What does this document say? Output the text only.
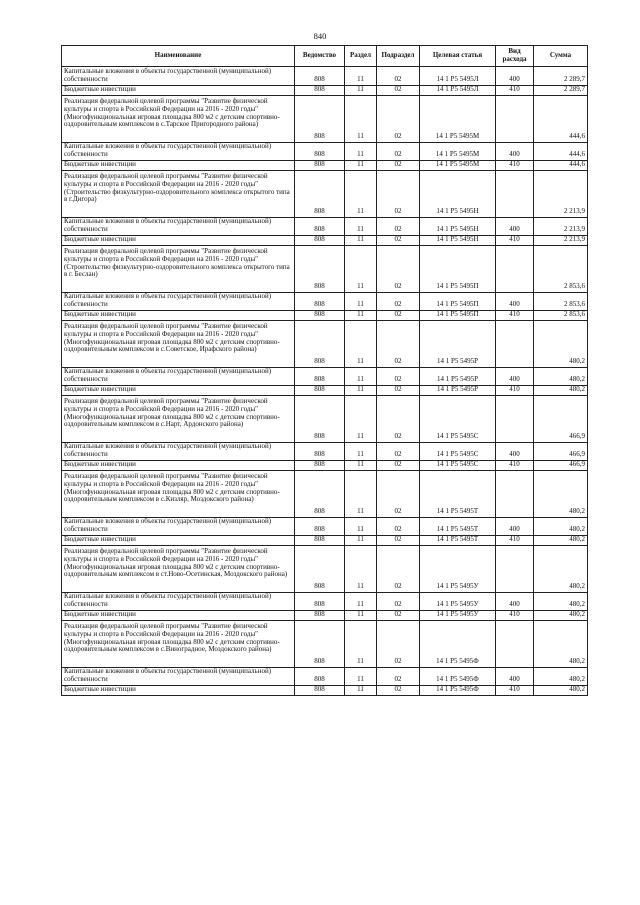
840
Наименование	Ведомство	Раздел	Подраздел	Целевая статья	Вид расхода	Сумма
Капитальные вложения в объекты государственной (муниципальной) собственности	808	11	02	14 1 Р5 5495Л	400	2 289,7
Бюджетные инвестиции	808	11	02	14 1 Р5 5495Л	410	2 289,7
Реализация федеральной целевой программы "Развитие физической культуры и спорта в Российской Федерации на 2016 - 2020 годы"(Многофункциональная игровая площадка 800 м2 с детским спортивно-оздоровительным комплексом в с.Тарское Пригородного района)	808	11	02	14 1 Р5 5495М		444,6
Капитальные вложения в объекты государственной (муниципальной) собственности	808	11	02	14 1 Р5 5495М	400	444,6
Бюджетные инвестиции	808	11	02	14 1 Р5 5495М	410	444,6
Реализация федеральной целевой программы "Развитие физической культуры и спорта в Российской Федерации на 2016 - 2020 годы"(Строительство физкультурно-оздоровительного комплекса открытого типа в г.Дигора)	808	11	02	14 1 Р5 5495Н		2 213,9
Капитальные вложения в объекты государственной (муниципальной) собственности	808	11	02	14 1 Р5 5495Н	400	2 213,9
Бюджетные инвестиции	808	11	02	14 1 Р5 5495Н	410	2 213,9
Реализация федеральной целевой программы "Развитие физической культуры и спорта в Российской Федерации на 2016 - 2020 годы"(Строительство физкультурно-оздоровительного комплекса открытого типа в г. Беслан)	808	11	02	14 1 Р5 5495П		2 853,6
Капитальные вложения в объекты государственной (муниципальной) собственности	808	11	02	14 1 Р5 5495П	400	2 853,6
Бюджетные инвестиции	808	11	02	14 1 Р5 5495П	410	2 853,6
Реализация федеральной целевой программы "Развитие физической культуры и спорта в Российской Федерации на 2016 - 2020 годы"(Многофункциональная игровая площадка 800 м2 с детским спортивно-оздоровительным комплексом в с.Советское, Ирафского района)	808	11	02	14 1 Р5 5495Р		480,2
Капитальные вложения в объекты государственной (муниципальной) собственности	808	11	02	14 1 Р5 5495Р	400	480,2
Бюджетные инвестиции	808	11	02	14 1 Р5 5495Р	410	480,2
Реализация федеральной целевой программы "Развитие физической культуры и спорта в Российской Федерации на 2016 - 2020 годы"(Многофункциональная игровая площадка 800 м2 с детским спортивно-оздоровительным комплексом в с.Нарт, Ардонского района)	808	11	02	14 1 Р5 5495С		466,9
Капитальные вложения в объекты государственной (муниципальной) собственности	808	11	02	14 1 Р5 5495С	400	466,9
Бюджетные инвестиции	808	11	02	14 1 Р5 5495С	410	466,9
Реализация федеральной целевой программы "Развитие физической культуры и спорта в Российской Федерации на 2016 - 2020 годы"(Многофункциональная игровая площадка 800 м2 с детским спортивно-оздоровительным комплексом в с.Кизляр, Моздокского района)	808	11	02	14 1 Р5 5495Т		480,2
Капитальные вложения в объекты государственной (муниципальной) собственности	808	11	02	14 1 Р5 5495Т	400	480,2
Бюджетные инвестиции	808	11	02	14 1 Р5 5495Т	410	480,2
Реализация федеральной целевой программы "Развитие физической культуры и спорта в Российской Федерации на 2016 - 2020 годы"(Многофункциональная игровая площадка 800 м2 с детским спортивно-оздоровительным комплексом в ст.Ново-Осетинская, Моздокского района)	808	11	02	14 1 Р5 5495У		480,2
Капитальные вложения в объекты государственной (муниципальной) собственности	808	11	02	14 1 Р5 5495У	400	480,2
Бюджетные инвестиции	808	11	02	14 1 Р5 5495У	410	480,2
Реализация федеральной целевой программы "Развитие физической культуры и спорта в Российской Федерации на 2016 - 2020 годы"(Многофункциональная игровая площадка 800 м2 с детским спортивно-оздоровительным комплексом в с.Виноградное, Моздокского района)	808	11	02	14 1 Р5 5495Ф		480,2
Капитальные вложения в объекты государственной (муниципальной) собственности	808	11	02	14 1 Р5 5495Ф	400	480,2
Бюджетные инвестиции	808	11	02	14 1 Р5 5495Ф	410	480,2
